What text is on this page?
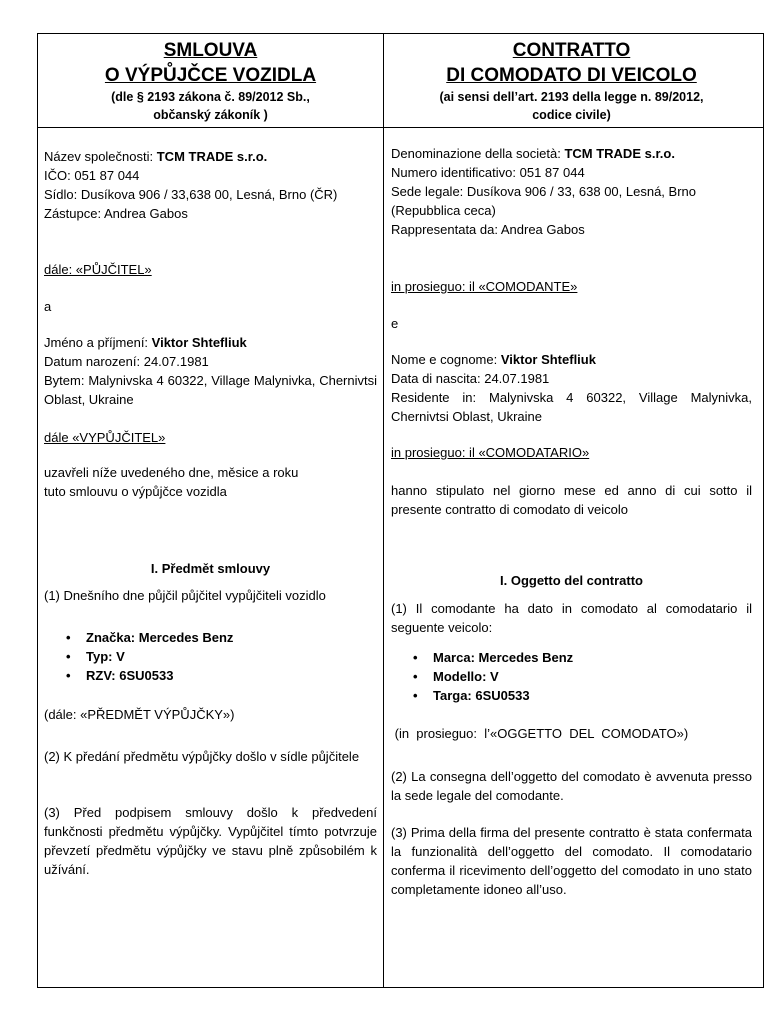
SMLOUVA
O VÝPŮJČCE VOZIDLA
(dle § 2193 zákona č. 89/2012 Sb.,
občanský zákoník )
Název společnosti: TCM TRADE s.r.o.
IČO: 051 87 044
Sídlo: Dusíkova 906 / 33,638 00, Lesná, Brno (ČR)
Zástupce: Andrea Gabos
dále: «PŮJČITEL»
a
Jméno a příjmení: Viktor Shtefliuk
Datum narození: 24.07.1981
Bytem: Malynivska 4 60322, Village Malynivka, Chernivtsi Oblast, Ukraine
dále «VYPŮJČITEL»
uzavřeli níže uvedeného dne, měsice a roku
tuto smlouvu o výpůjčce vozidla
I. Předmět smlouvy
(1) Dnešního dne půjčil půjčitel vypůjčiteli vozidlo
• Značka: Mercedes Benz
• Typ: V
• RZV: 6SU0533
(dále: «PŘEDMĚT VÝPŮJČKY»)
(2) K předání předmětu výpůjčky došlo v sídle půjčitele
(3) Před podpisem smlouvy došlo k předvedení funkčnosti předmětu výpůjčky. Vypůjčitel tímto potvrzuje převzetí předmětu výpůjčky ve stavu plně způsobilém k užívání.
CONTRATTO
DI COMODATO DI VEICOLO
(ai sensi dell’art. 2193 della legge n. 89/2012,
codice civile)
Denominazione della società: TCM TRADE s.r.o.
Numero identificativo: 051 87 044
Sede legale: Dusíkova 906 / 33, 638 00, Lesná, Brno (Repubblica ceca)
Rappresentata da: Andrea Gabos
in prosieguo: il «COMODANTE»
e
Nome e cognome: Viktor Shtefliuk
Data di nascita: 24.07.1981
Residente in: Malynivska 4 60322, Village Malynivka, Chernivtsi Oblast, Ukraine
in prosieguo: il «COMODATARIO»
hanno stipulato nel giorno mese ed anno di cui sotto il presente contratto di comodato di veicolo
I. Oggetto del contratto
(1) Il comodante ha dato in comodato al comodatario il seguente veicolo:
• Marca: Mercedes Benz
• Modello: V
• Targa: 6SU0533
(in  prosieguo:  l’«OGGETTO  DEL  COMODATO»)
(2) La consegna dell’oggetto del comodato è avvenuta presso la sede legale del comodante.
(3) Prima della firma del presente contratto è stata confermata la funzionalità dell’oggetto del comodato. Il comodatario conferma il ricevimento dell’oggetto del comodato in uno stato completamente idoneo all’uso.
